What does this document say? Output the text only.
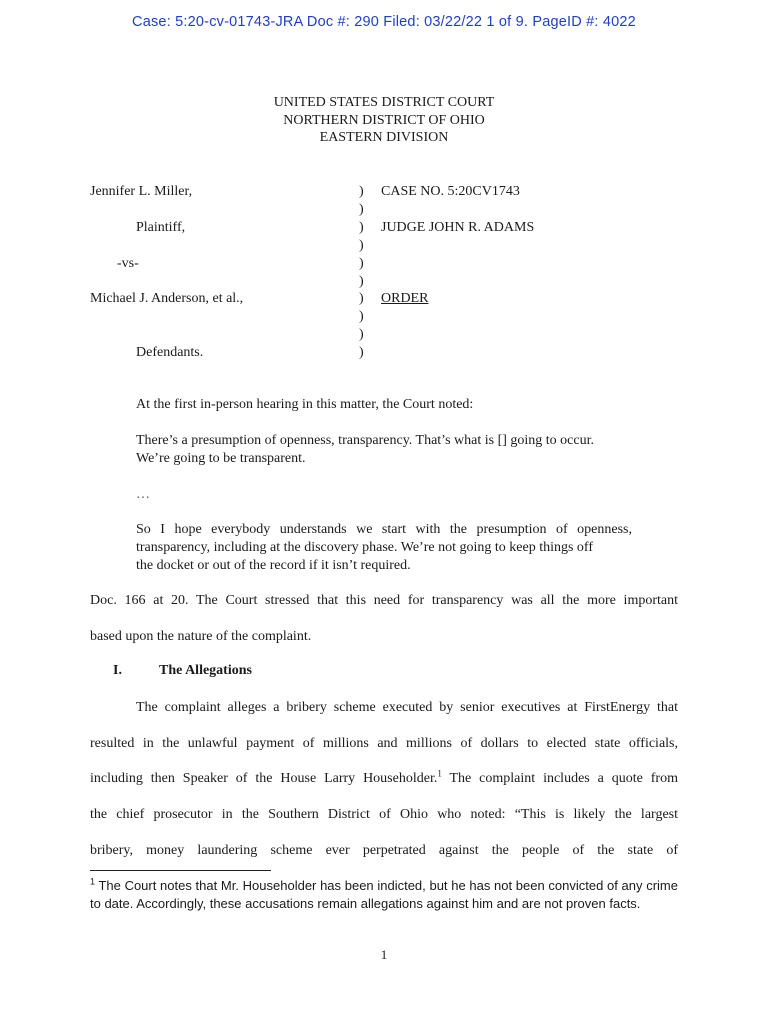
Case: 5:20-cv-01743-JRA Doc #: 290 Filed: 03/22/22 1 of 9. PageID #: 4022
UNITED STATES DISTRICT COURT
NORTHERN DISTRICT OF OHIO
EASTERN DIVISION
Jennifer L. Miller,
Plaintiff,
-vs-
Michael J. Anderson, et al.,
Defendants.
)
)
)
)
)
)
)
)
)
)
CASE NO. 5:20CV1743
JUDGE JOHN R. ADAMS
ORDER
At the first in-person hearing in this matter, the Court noted:
There’s a presumption of openness, transparency. That’s what is [] going to occur.
We’re going to be transparent.
…
So I hope everybody understands we start with the presumption of openness,
transparency, including at the discovery phase. We’re not going to keep things off
the docket or out of the record if it isn’t required.
Doc. 166 at 20. The Court stressed that this need for transparency was all the more important
based upon the nature of the complaint.
I.	The Allegations
The complaint alleges a bribery scheme executed by senior executives at FirstEnergy that
resulted in the unlawful payment of millions and millions of dollars to elected state officials,
including then Speaker of the House Larry Householder.$^1$ The complaint includes a quote from
the chief prosecutor in the Southern District of Ohio who noted: “This is likely the largest
bribery, money laundering scheme ever perpetrated against the people of the state of

$^1$ The Court notes that Mr. Householder has been indicted, but he has not been convicted of any crime to date. Accordingly, these accusations remain allegations against him and are not proven facts.

1
